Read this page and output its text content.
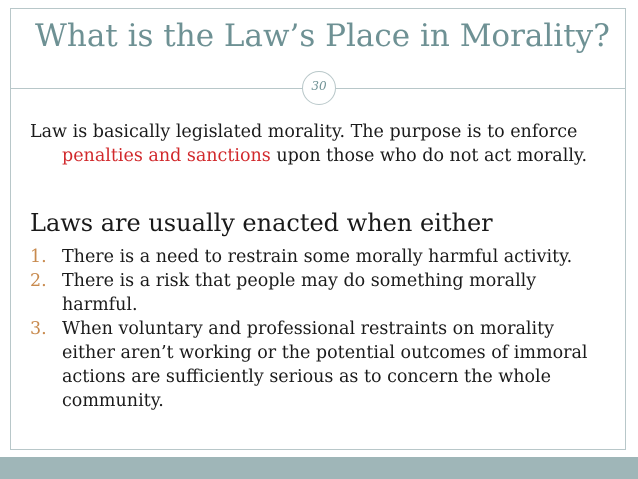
What is the Law’s Place in Morality?
30

Law is basically legislated morality. The purpose is to enforce penalties and sanctions upon those who do not act morally.

Laws are usually enacted when either
1. There is a need to restrain some morally harmful activity.
2. There is a risk that people may do something morally harmful.
3. When voluntary and professional restraints on morality either aren’t working or the potential outcomes of immoral actions are sufficiently serious as to concern the whole community.
